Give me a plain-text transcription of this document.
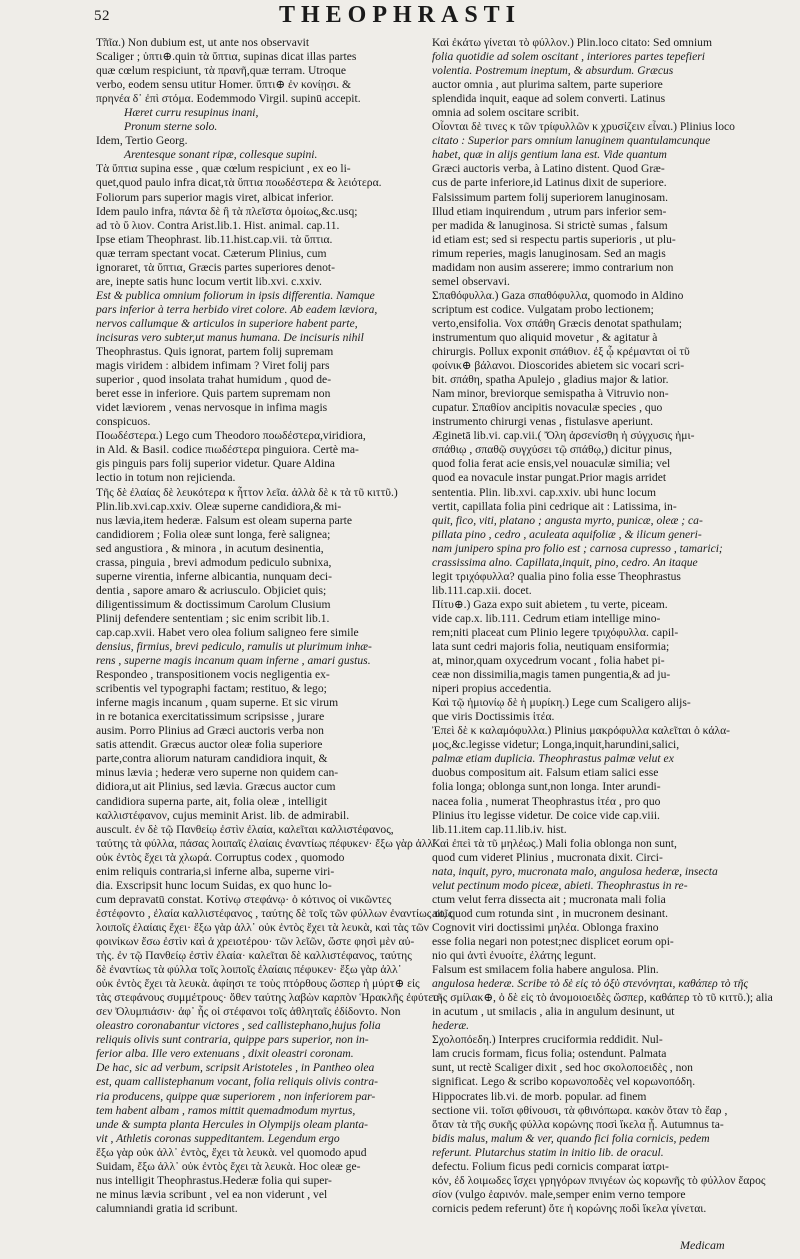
52	THEOPHRASTI
Τ̃πῖα.) Non dubium est, ut ante nos observavit
Scaliger ; ὑπτι⊕.quin τὰ ὕπτια, supinas dicat illas partes
quæ cœlum respiciunt, τὰ πρανῆ,quæ terram. Utroque
verbo, eodem sensu utitur Homer. ὕπτι⊕ ἐν κονίῃσι. &
πρηνέα δ᾽ ἐπὶ στόμα. Eodemmodo Virgil. supinū accepit.
Hæret curru resupinus inani,
Pronum sterne solo.
Idem, Tertio Georg.
Arentesque sonant ripæ, collesque supini.
Τὰ ὕπτια supina esse , quæ cœlum respiciunt , ex eo li-
quet,quod paulo infra dicat,τὰ ὕπτια ποωδέστερα & λειότερα.
Foliorum pars superior magis viret, albicat inferior.
Idem paulo infra, πάντα δὲ ἢ τὰ πλεῖστα ὁμοίως,&c.usq;
ad τὸ ὕ λιον. Contra Arist.lib.1. Hist. animal. cap.11.
Ipse etiam Theophrast. lib.11.hist.cap.vii. τὰ ὕπτια.
quæ terram spectant vocat. Cæterum Plinius, cum
ignoraret, τὰ ὕπτια, Græcis partes superiores denot-
are, inepte satis hunc locum vertit lib.xvi. c.xxiv.
Est & publica omnium foliorum in ipsis differentia. Namque
pars inferior à terra herbido viret colore. Ab eadem læviora,
nervos callumque & articulos in superiore habent parte,
incisuras vero subter,ut manus humana. De incisuris nihil
Theophrastus. Quis ignorat, partem folij supremam
magis viridem : albidem infimam ? Viret folij pars
superior , quod insolata trahat humidum , quod de-
beret esse in inferiore. Quis partem supremam non
videt læviorem , venas nervosque in infima magis
conspicuos.
Ποωδέστερα.) Lego cum Theodoro ποωδέστερα,viridiora,
in Ald. & Basil. codice πιωδέστερα pinguiora. Certè ma-
gis pinguis pars folij superior videtur. Quare Aldina
lectio in totum non rejicienda.
Τῆς δὲ ἐλαίας δὲ λευκότερα κ ἧττον λεῖα. ἀλλὰ δὲ κ τὰ τῦ κιττῦ.)
Plin.lib.xvi.cap.xxiv. Oleæ superne candidiora,& mi-
nus lævia,item hederæ. Falsum est oleam superna parte
candidiorem ; Folia oleæ sunt longa, ferè salignea;
sed angustiora , & minora , in acutum desinentia,
crassa, pinguia , brevi admodum pediculo subnixa,
superne virentia, inferne albicantia, nunquam deci-
dentia , sapore amaro & acriusculo. Objiciet quis;
diligentissimum & doctissimum Carolum Clusium
Plinij defendere sententiam ; sic enim scribit lib.1.
cap.cap.xvii. Habet vero olea folium saligneo fere simile
densius, firmius, brevi pediculo, ramulis ut plurimum inhæ-
rens , superne magis incanum quam inferne , amari gustus.
Respondeo , transpositionem vocis negligentia ex-
scribentis vel typographi factam; restituo, & lego;
inferne magis incanum , quam superne. Et sic virum
in re botanica exercitatissimum scripsisse , jurare
ausim. Porro Plinius ad Græci auctoris verba non
satis attendit. Græcus auctor oleæ folia superiore
parte,contra aliorum naturam candidiora inquit, &
minus lævia ; hederæ vero superne non quidem can-
didiora,ut ait Plinius, sed lævia. Græcus auctor cum
candidiora superna parte, ait, folia oleæ , intelligit
καλλιστέφανον, cujus meminit Arist. lib. de admirabil.
auscult. ἐν δὲ τῷ Πανθείῳ ἐστὶν ἐλαία, καλεῖται καλλιστέφανος,
ταύτης τὰ φύλλα, πάσας λοιπαῖς ἐλαίαις ἐναντίως πέφυκεν· ἔξω γὰρ ἀλλ᾽
οὐκ ἐντὸς ἔχει τὰ χλωρά. Corruptus codex , quomodo
enim reliquis contraria,si inferne alba, superne viri-
dia. Exscripsit hunc locum Suidas, ex quo hunc lo-
cum depravatū constat. Κοτίνῳ στεφάνῳ· ὁ κότινος οἱ νικῶντες
ἐστέφοντο , ἐλαία καλλιστέφανος , ταύτης δὲ τοῖς τῶν φύλλων ἐναντίως τοῖς
λοιποῖς ἐλαίαις ἔχει· ἔξω γὰρ ἀλλ᾽ οὐκ ἐντὸς ἔχει τὰ λευκὰ, καὶ τὰς τῶν
φοινίκων ἔσω ἐστὶν καὶ ἀ χρειοτέρου· τῶν λεῖῶν, ὥστε φησὶ μὲν αὐ-
τὴς. ἐν τῷ Πανθείῳ ἐστὶν ἐλαία· καλεῖται δὲ καλλιστέφανος, ταύτης
δὲ ἐναντίως τὰ φύλλα τοῖς λοιποῖς ἐλαίαις πέφυκεν· ἔξω γὰρ ἀλλ᾽
οὐκ ἐντὸς ἔχει τὰ λευκὰ. ἀφίησι τε τοὺς πτόρθους ὥσπερ ἡ μύρτ⊕ εἰς
τὰς στεφάνους συμμέτρους· ὅθεν ταύτης λαβὼν καρπὸν Ἡρακλῆς ἐφύτευ-
σεν Ὀλυμπιάσιν· ἀφ᾽ ἧς οἱ στέφανοι τοῖς ἀθληταῖς ἐδίδοντο. Non
oleastro coronabantur victores , sed callistephano,hujus folia
reliquis olivis sunt contraria, quippe pars superior, non in-
ferior alba. Ille vero extenuans , dixit oleastri coronam.
De hac, sic ad verbum, scripsit Aristoteles , in Pantheo olea
est, quam callistephanum vocant, folia reliquis olivis contra-
ria producens, quippe quæ superiorem , non inferiorem par-
tem habent albam , ramos mittit quemadmodum myrtus,
unde & sumpta planta Hercules in Olympijs oleam planta-
vit , Athletis coronas suppeditantem. Legendum ergo
ἔξω γὰρ οὐκ ἀλλ᾽ ἐντὸς, ἔχει τὰ λευκὰ. vel quomodo apud
Suidam, ἔξω ἀλλ᾽ οὐκ ἐντὸς ἔχει τὰ λευκὰ. Hoc oleæ ge-
nus intelligit Theophrastus.Hederæ folia qui super-
ne minus lævia scribunt , vel ea non viderunt , vel
calumniandi gratia id scribunt.
Καὶ ἐκάτω γίνεται τὸ φύλλον.) Plin.loco citato: Sed omnium
folia quotidie ad solem oscitant , interiores partes tepefieri
volentia. Postremum ineptum, & absurdum. Græcus
auctor omnia , aut plurima saltem, parte superiore
splendida inquit, eaque ad solem converti. Latinus
omnia ad solem oscitare scribit.
Οἷονται δὲ τινες κ τῶν τρίφυλλῶν κ χρυσίζειν εἶναι.) Plinius loco
citato : Superior pars omnium lanuginem quantulamcunque
habet, quæ in alijs gentium lana est. Vide quantum
Græci auctoris verba, à Latino distent. Quod Græ-
cus de parte inferiore,id Latinus dixit de superiore.
Falsissimum partem folij superiorem lanuginosam.
Illud etiam inquirendum , utrum pars inferior sem-
per madida & lanuginosa. Si strictè sumas , falsum
id etiam est; sed si respectu partis superioris , ut plu-
rimum reperies, magis lanuginosam. Sed an magis
madidam non ausim asserere; immo contrarium non
semel observavi.
Σπαθόφυλλα.) Gaza σπαθόφυλλα, quomodo in Aldino
scriptum est codice. Vulgatam probo lectionem;
verto,ensifolia. Vox σπάθη Græcis denotat spathulam;
instrumentum quo aliquid movetur , & agitatur à
chirurgis. Pollux exponit σπάθιον. ἐξ ᾧ κρέμανται οἱ τῦ
φοίνικ⊕ βάλανοι. Dioscorides abietem sic vocari scri-
bit. σπάθη, spatha Apulejo , gladius major & latior.
Nam minor, breviorque semispatha à Vitruvio non-
cupatur. Σπαθίον ancipitis novaculæ species , quo
instrumento chirurgi venas , fistulasve aperiunt.
Æginetā lib.vi. cap.vii.( Ὄλη ἀρσενίσθη ἡ σύγχυσις ἡμι-
σπάθιῳ , σπαθῷ συγχύσει τῷ σπάθῳ,) dicitur pinus,
quod folia ferat acie ensis,vel nouaculæ similia; vel
quod ea novacule instar pungat.Prior magis arridet
sententia. Plin. lib.xvi. cap.xxiv. ubi hunc locum
vertit, capillata folia pini cedrique ait : Latissima, in-
quit, fico, viti, platano ; angusta myrto, punicæ, oleæ ; ca-
pillata pino , cedro , aculeata aquifoliæ , & ilicum generi-
nam junipero spina pro folio est ; carnosa cupresso , tamarici;
crassissima alno. Capillata,inquit, pino, cedro. An itaque
legit τριχόφυλλα? qualia pino folia esse Theophrastus
lib.111.cap.xii. docet.
Πίτυ⊕.) Gaza expo suit abietem , tu verte, piceam.
vide cap.x. lib.111. Cedrum etiam intellige mino-
rem;niti placeat cum Plinio legere τριχόφυλλα. capil-
lata sunt cedri majoris folia, neutiquam ensiformia;
at, minor,quam oxycedrum vocant , folia habet pi-
ceæ non dissimilia,magis tamen pungentia,& ad ju-
niperi propius accedentia.
Καὶ τῷ ἡμιονίῳ δὲ ἡ μυρίκη.) Lege cum Scaligero alijs-
que viris Doctissimis ἰτέα.
Ἐπεὶ δὲ κ καλαμόφυλλα.) Plinius μακρόφυλλα καλεῖται ὁ κάλα-
μος,&c.legisse videtur; Longa,inquit,harundini,salici,
palmæ etiam duplicia. Theophrastus palmæ velut ex
duobus compositum ait. Falsum etiam salici esse
folia longa; oblonga sunt,non longa. Inter arundi-
nacea folia , numerat Theophrastus ἰτέα , pro quo
Plinius ἰτυ legisse videtur. De coice vide cap.viii.
lib.11.item cap.11.lib.iv. hist.
Καὶ ἐπεὶ τὰ τῦ μηλέως.) Mali folia oblonga non sunt,
quod cum videret Plinius , mucronata dixit. Circi-
nata, inquit, pyro, mucronata malo, angulosa hederæ, insecta
velut pectinum modo piceæ, abieti. Theophrastus in re-
ctum velut ferra dissecta ait ; mucronata mali folia
ait, quod cum rotunda sint , in mucronem desinant.
Cognovit viri doctissimi μηλέα. Oblonga fraxino
esse folia negari non potest;nec displicet eorum opi-
nio qui ἀντὶ ἐνυοίτε, ἐλάτης legunt.
Falsum est smilacem folia habere angulosa. Plin.
angulosa hederæ. Scribe τὸ δὲ εἰς τὸ ὀξὺ στενόνηται, καθάπερ τὸ τῆς
τῆς σμίλακ⊕, ὁ δὲ εἰς τὸ ἀνομοιοειδὲς ὥσπερ, καθάπερ τὸ τῦ κιττῦ.); alia
in acutum , ut smilacis , alia in angulum desinunt, ut
hederæ.
Σχολοπόεδη.) Interpres cruciformia reddidit. Nul-
lam crucis formam, ficus folia; ostendunt. Palmata
sunt, ut rectè Scaliger dixit , sed hoc σκολοποειδὲς , non
significat. Lego & scribo κορωνοποδὲς vel κορωνοπόδη.
Hippocrates lib.vi. de morb. popular. ad finem
sectione vii. τοῖσι φθίνουσι, τὰ φθινόπωρα. κακὸν ὅταν τὸ ἔαρ ,
ὅταν τὰ τῆς συκῆς φύλλα κορώνης ποσὶ ἴκελα ᾖ. Autumnus ta-
bidis malus, malum & ver, quando fici folia cornicis, pedem
referunt. Plutarchus statim in initio lib. de oracul.
defectu. Folium ficus pedi cornicis comparat ἰατρι-
κόν, ἐδ λοιμωδες ἴσχει γρηγόρων πνιγέων ὡς κορωνῆς τὸ φύλλον ἔαρος
σίον (vulgo ἑαρινόν. male,semper enim verno tempore
cornicis pedem referunt) ὅτε ἡ κορώνης ποδὶ ἴκελα γίνεται.
Medicam
